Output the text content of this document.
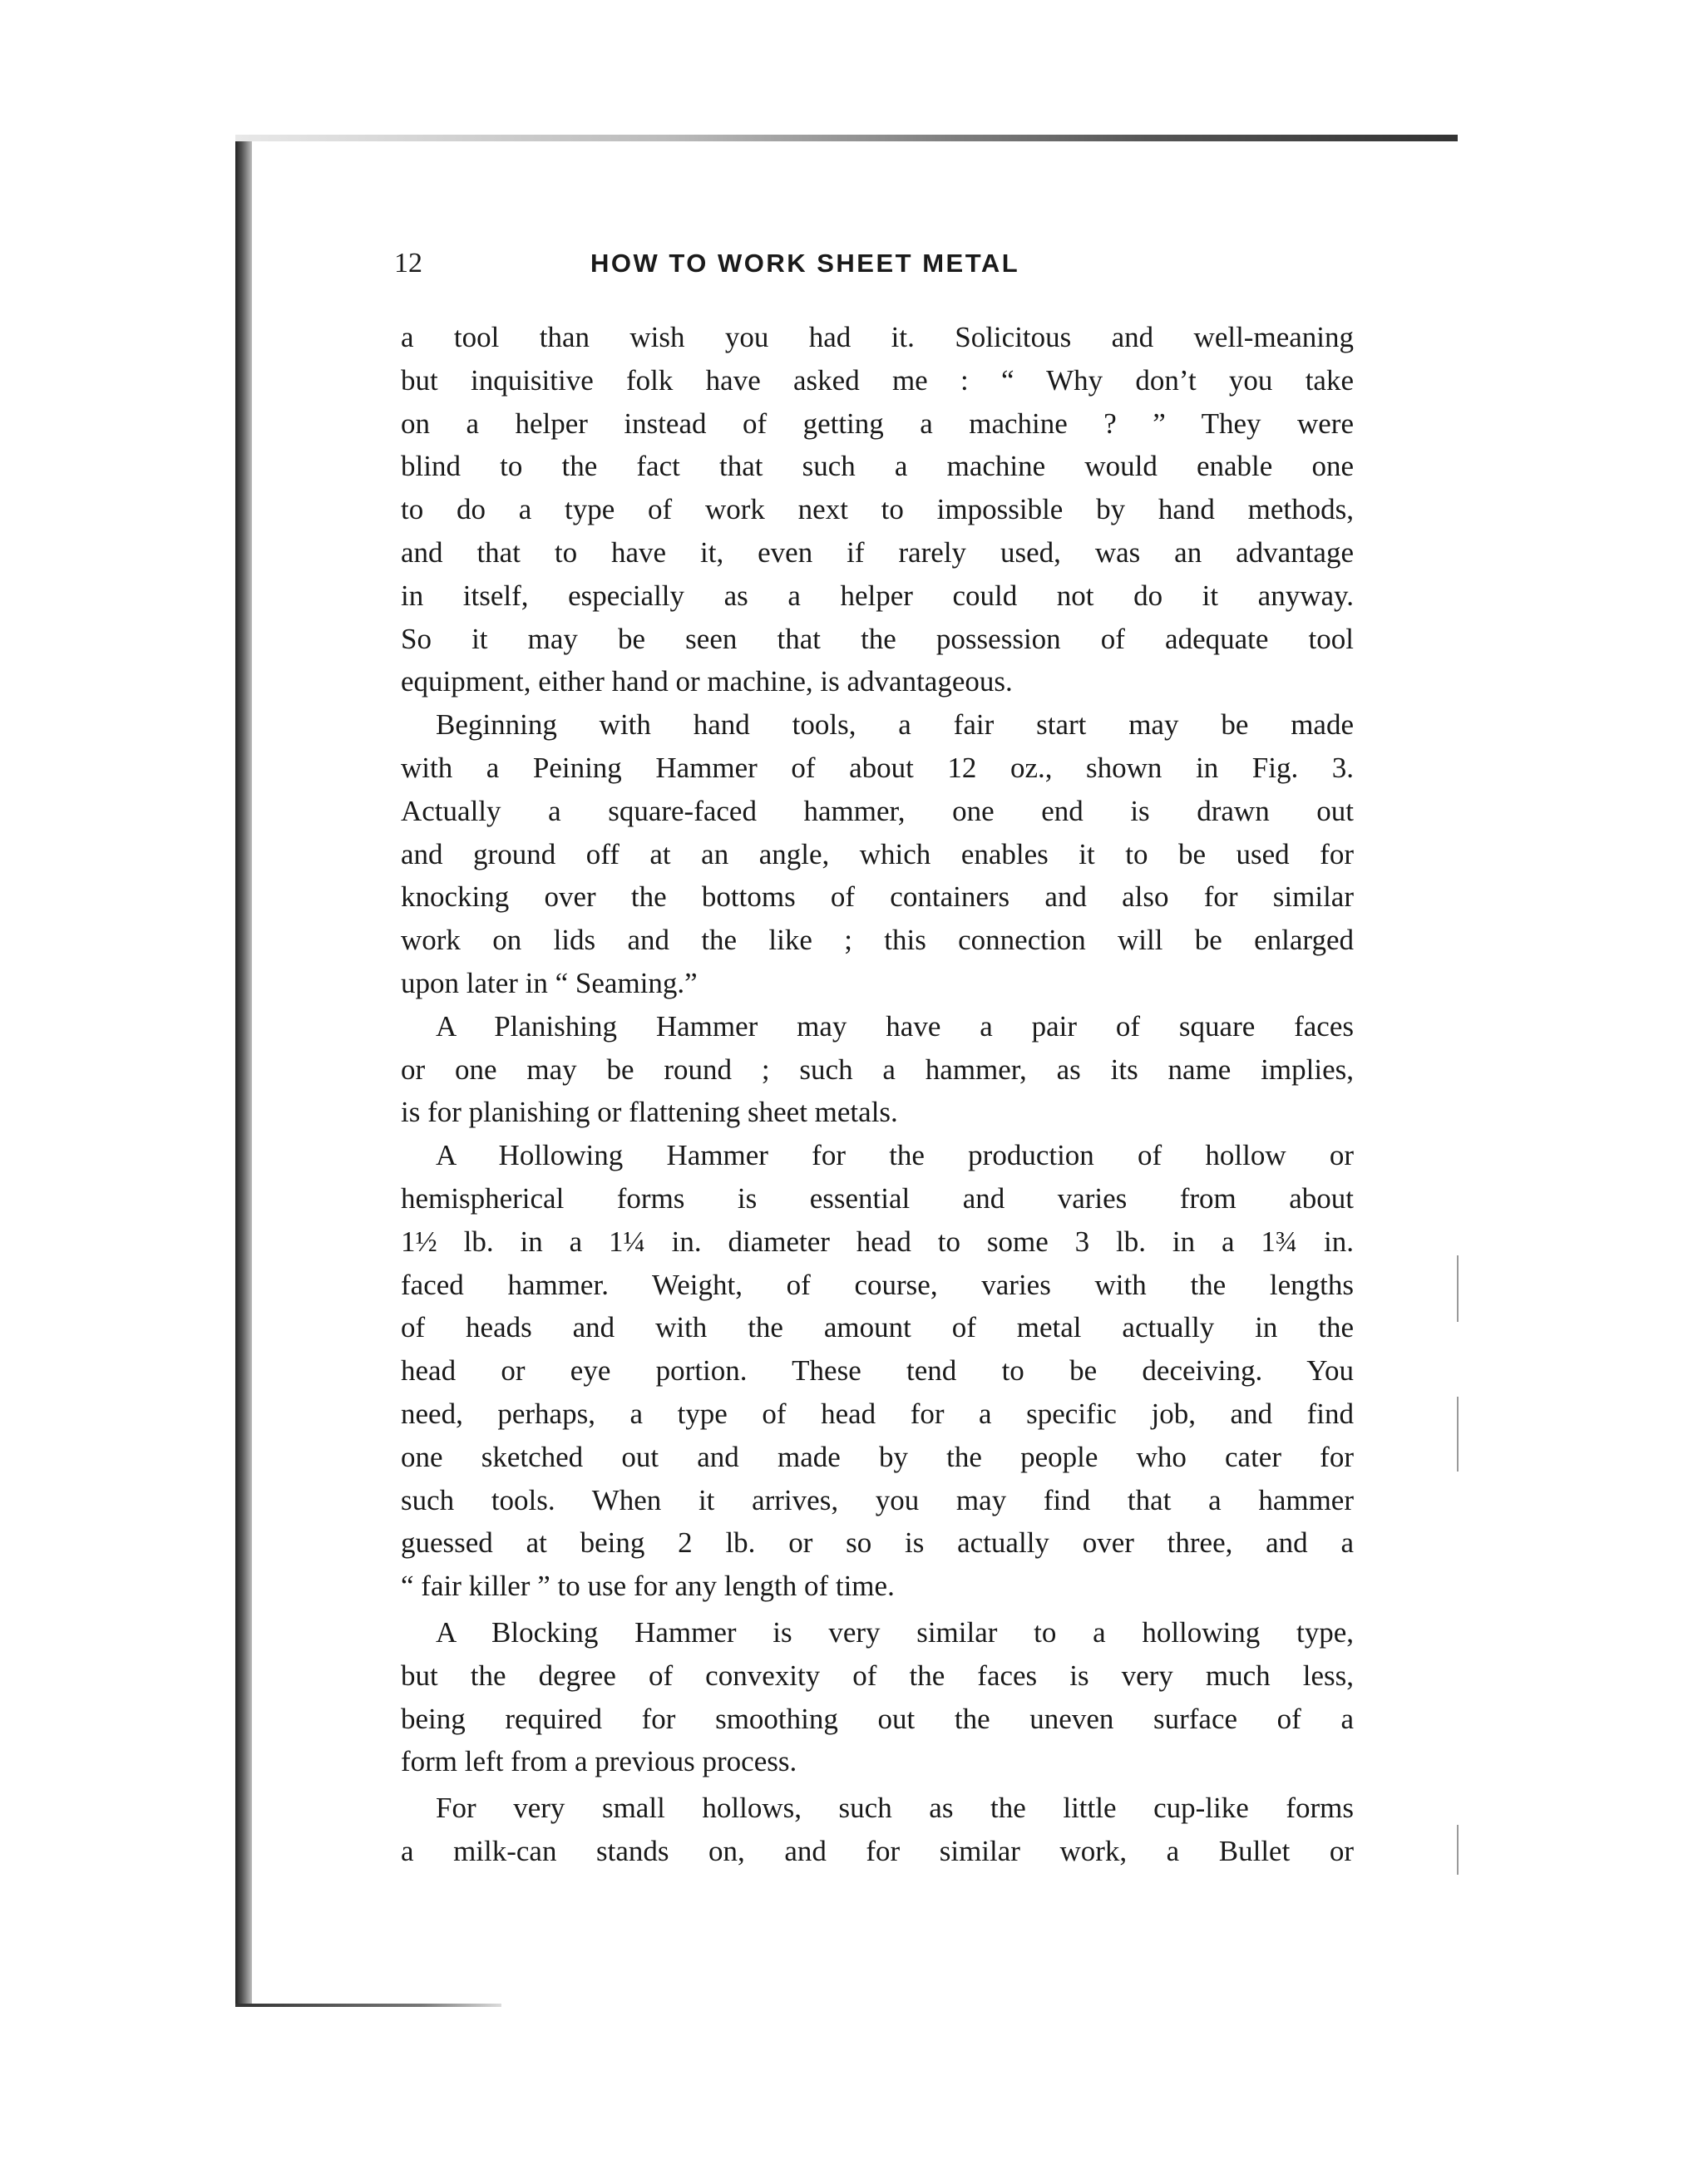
12	HOW TO WORK SHEET METAL
a tool than wish you had it. Solicitous and well-meaning
but inquisitive folk have asked me : “ Why don’t you take
on a helper instead of getting a machine ? ” They were
blind to the fact that such a machine would enable one
to do a type of work next to impossible by hand methods,
and that to have it, even if rarely used, was an advantage
in itself, especially as a helper could not do it anyway.
So it may be seen that the possession of adequate tool
equipment, either hand or machine, is advantageous.
Beginning with hand tools, a fair start may be made
with a Peining Hammer of about 12 oz., shown in Fig. 3.
Actually a square-faced hammer, one end is drawn out
and ground off at an angle, which enables it to be used for
knocking over the bottoms of containers and also for similar
work on lids and the like ; this connection will be enlarged
upon later in “ Seaming.”
A Planishing Hammer may have a pair of square faces
or one may be round ; such a hammer, as its name implies,
is for planishing or flattening sheet metals.
A Hollowing Hammer for the production of hollow or
hemispherical forms is essential and varies from about
1½ lb. in a 1¼ in. diameter head to some 3 lb. in a 1¾ in.
faced hammer. Weight, of course, varies with the lengths
of heads and with the amount of metal actually in the
head or eye portion. These tend to be deceiving. You
need, perhaps, a type of head for a specific job, and find
one sketched out and made by the people who cater for
such tools. When it arrives, you may find that a hammer
guessed at being 2 lb. or so is actually over three, and a
“ fair killer ” to use for any length of time.
A Blocking Hammer is very similar to a hollowing type,
but the degree of convexity of the faces is very much less,
being required for smoothing out the uneven surface of a
form left from a previous process.
For very small hollows, such as the little cup-like forms
a milk-can stands on, and for similar work, a Bullet or
